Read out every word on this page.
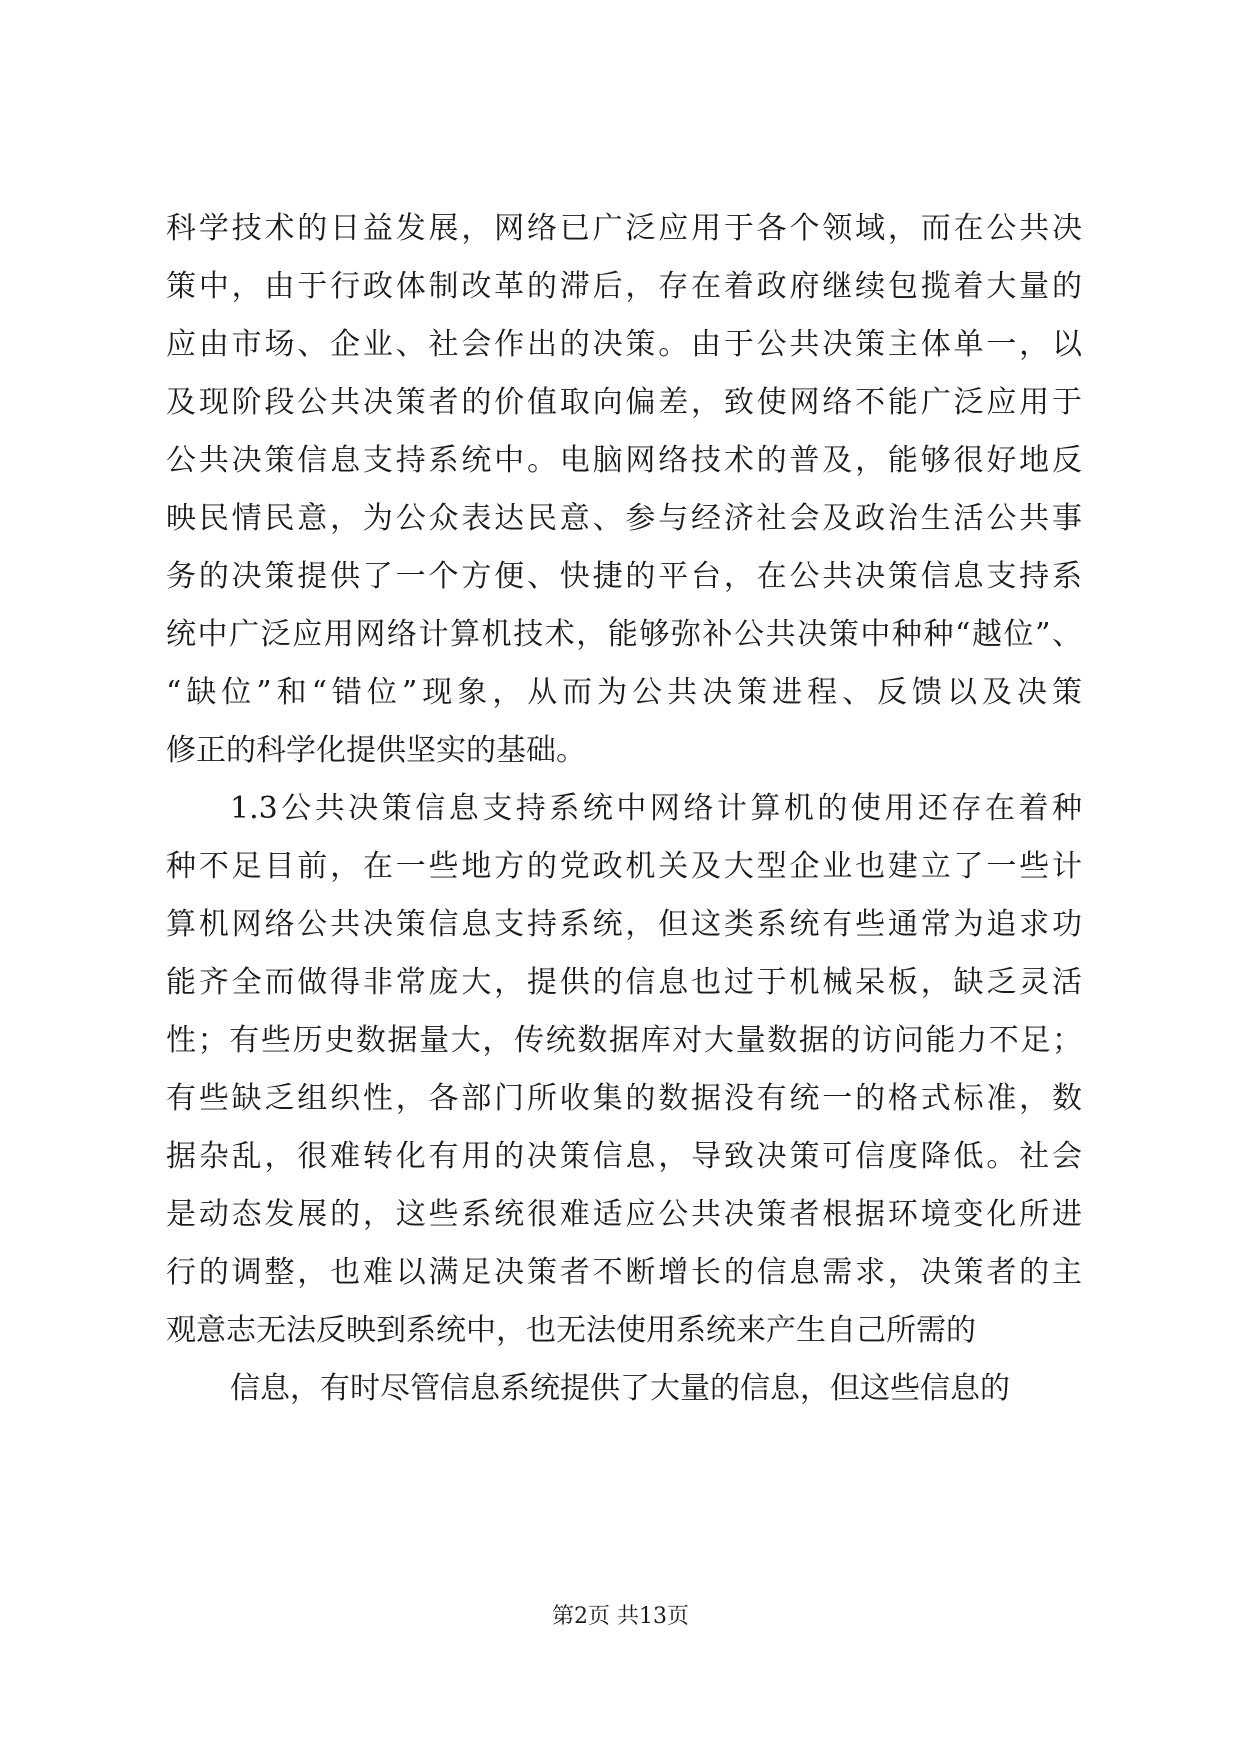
科学技术的日益发展，网络已广泛应用于各个领域，而在公共决
策中，由于行政体制改革的滞后，存在着政府继续包揽着大量的
应由市场、企业、社会作出的决策。由于公共决策主体单一，以
及现阶段公共决策者的价值取向偏差，致使网络不能广泛应用于
公共决策信息支持系统中。电脑网络技术的普及，能够很好地反
映民情民意，为公众表达民意、参与经济社会及政治生活公共事
务的决策提供了一个方便、快捷的平台，在公共决策信息支持系
统中广泛应用网络计算机技术，能够弥补公共决策中种种“越位”、
“缺位”和“错位”现象，从而为公共决策进程、反馈以及决策
修正的科学化提供坚实的基础。
1.3公共决策信息支持系统中网络计算机的使用还存在着种
种不足目前，在一些地方的党政机关及大型企业也建立了一些计
算机网络公共决策信息支持系统，但这类系统有些通常为追求功
能齐全而做得非常庞大，提供的信息也过于机械呆板，缺乏灵活
性；有些历史数据量大，传统数据库对大量数据的访问能力不足；
有些缺乏组织性，各部门所收集的数据没有统一的格式标准，数
据杂乱，很难转化有用的决策信息，导致决策可信度降低。社会
是动态发展的，这些系统很难适应公共决策者根据环境变化所进
行的调整，也难以满足决策者不断增长的信息需求，决策者的主
观意志无法反映到系统中，也无法使用系统来产生自己所需的
信息，有时尽管信息系统提供了大量的信息，但这些信息的
第2页 共13页
